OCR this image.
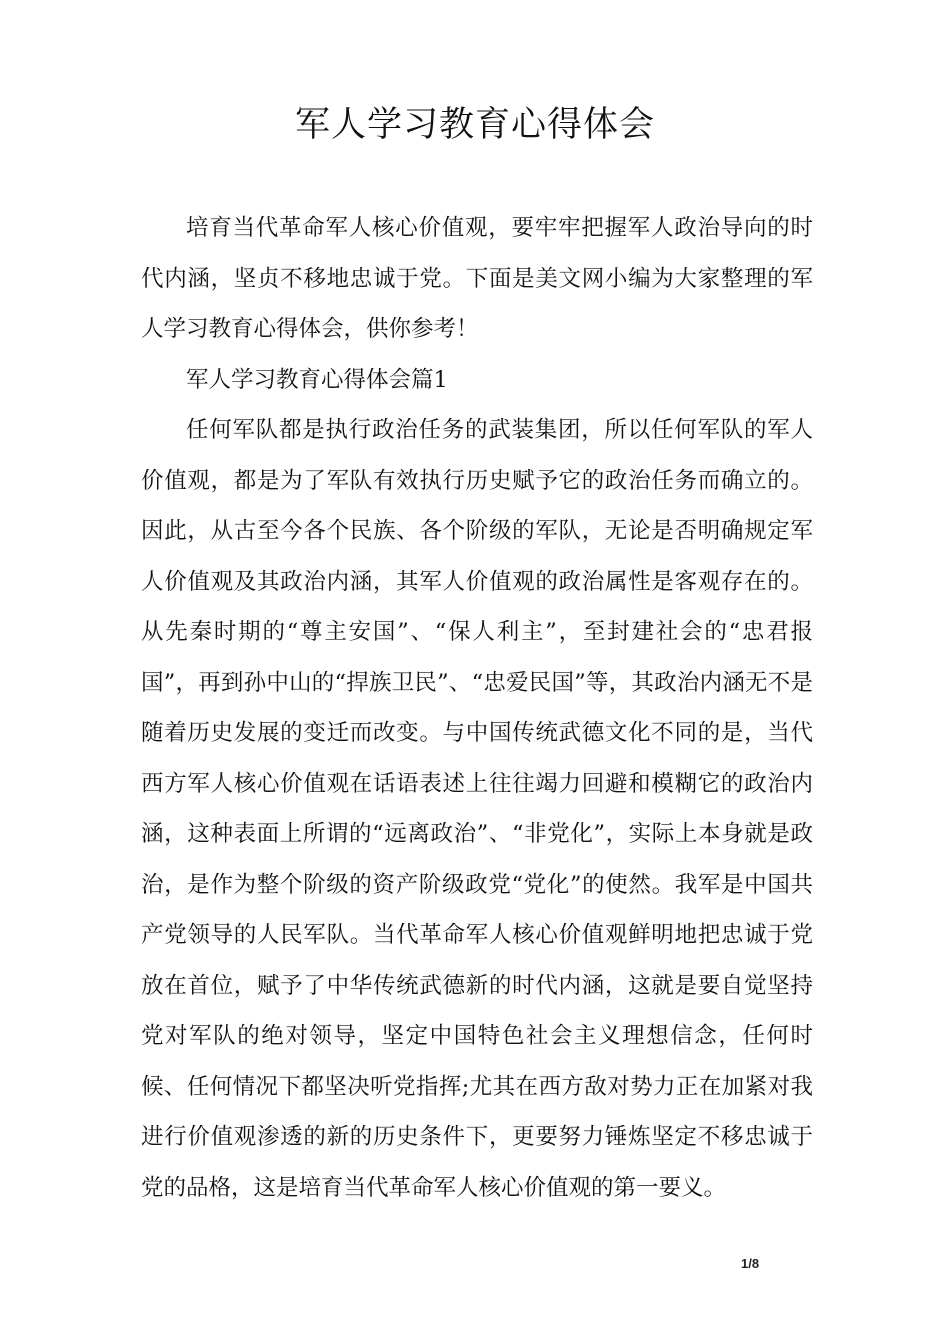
军人学习教育心得体会

培育当代革命军人核心价值观，要牢牢把握军人政治导向的时代内涵，坚贞不移地忠诚于党。下面是美文网小编为大家整理的军人学习教育心得体会，供你参考！

军人学习教育心得体会篇1

任何军队都是执行政治任务的武装集团，所以任何军队的军人价值观，都是为了军队有效执行历史赋予它的政治任务而确立的。因此，从古至今各个民族、各个阶级的军队，无论是否明确规定军人价值观及其政治内涵，其军人价值观的政治属性是客观存在的。从先秦时期的“尊主安国”、“保人利主”，至封建社会的“忠君报国”，再到孙中山的“捍族卫民”、“忠爱民国”等，其政治内涵无不是随着历史发展的变迁而改变。与中国传统武德文化不同的是，当代西方军人核心价值观在话语表述上往往竭力回避和模糊它的政治内涵，这种表面上所谓的“远离政治”、“非党化”，实际上本身就是政治，是作为整个阶级的资产阶级政党“党化”的使然。我军是中国共产党领导的人民军队。当代革命军人核心价值观鲜明地把忠诚于党放在首位，赋予了中华传统武德新的时代内涵，这就是要自觉坚持党对军队的绝对领导，坚定中国特色社会主义理想信念，任何时候、任何情况下都坚决听党指挥;尤其在西方敌对势力正在加紧对我进行价值观渗透的新的历史条件下，更要努力锤炼坚定不移忠诚于党的品格，这是培育当代革命军人核心价值观的第一要义。

1/8
